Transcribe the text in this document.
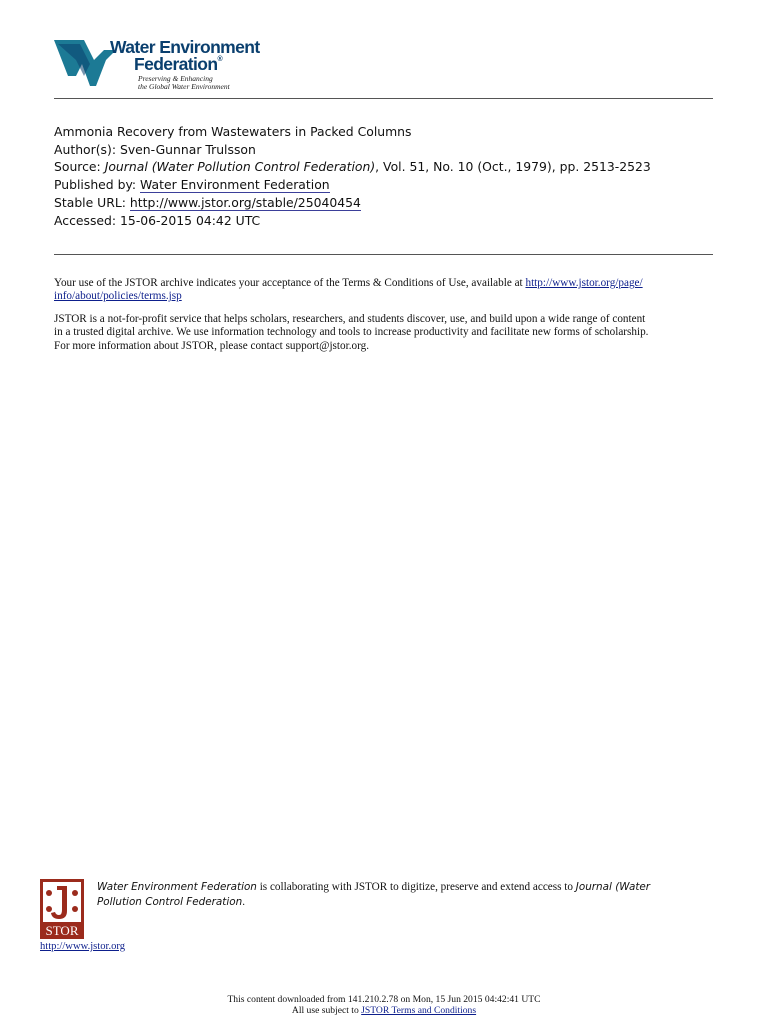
Water Environment
Federation®
Preserving & Enhancing
the Global Water Environment
Ammonia Recovery from Wastewaters in Packed Columns
Author(s): Sven-Gunnar Trulsson
Source: Journal (Water Pollution Control Federation), Vol. 51, No. 10 (Oct., 1979), pp. 2513-2523
Published by: Water Environment Federation
Stable URL: http://www.jstor.org/stable/25040454
Accessed: 15-06-2015 04:42 UTC

Your use of the JSTOR archive indicates your acceptance of the Terms & Conditions of Use, available at http://www.jstor.org/page/
info/about/policies/terms.jsp

JSTOR is a not-for-profit service that helps scholars, researchers, and students discover, use, and build upon a wide range of content
in a trusted digital archive. We use information technology and tools to increase productivity and facilitate new forms of scholarship.
For more information about JSTOR, please contact support@jstor.org.

STOR
Water Environment Federation is collaborating with JSTOR to digitize, preserve and extend access to Journal (Water
Pollution Control Federation.
http://www.jstor.org
This content downloaded from 141.210.2.78 on Mon, 15 Jun 2015 04:42:41 UTC
All use subject to JSTOR Terms and Conditions
